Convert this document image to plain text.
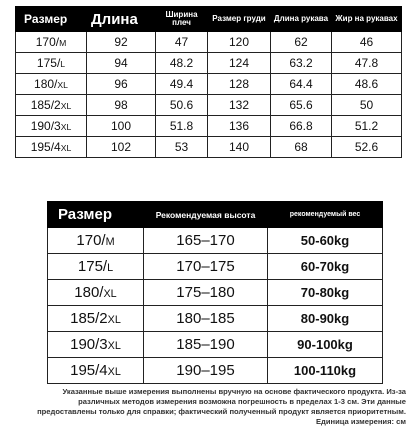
Размер	Длина	Ширина плеч	Размер груди	Длина рукава	Жир на рукавах
170/M	92	47	120	62	46
175/L	94	48.2	124	63.2	47.8
180/XL	96	49.4	128	64.4	48.6
185/2XL	98	50.6	132	65.6	50
190/3XL	100	51.8	136	66.8	51.2
195/4XL	102	53	140	68	52.6
Размер	Рекомендуемая высота	рекомендуемый вес
170/M	165–170	50-60kg
175/L	170–175	60-70kg
180/XL	175–180	70-80kg
185/2XL	180–185	80-90kg
190/3XL	185–190	90-100kg
195/4XL	190–195	100-110kg

Указанные выше измерения выполнены вручную на основе фактического продукта. Из-за

различных методов измерения возможна погрешность в пределах 1-3 см. Эти данные

предоставлены только для справки; фактический полученный продукт является приоритетным.

Единица измерения: см
